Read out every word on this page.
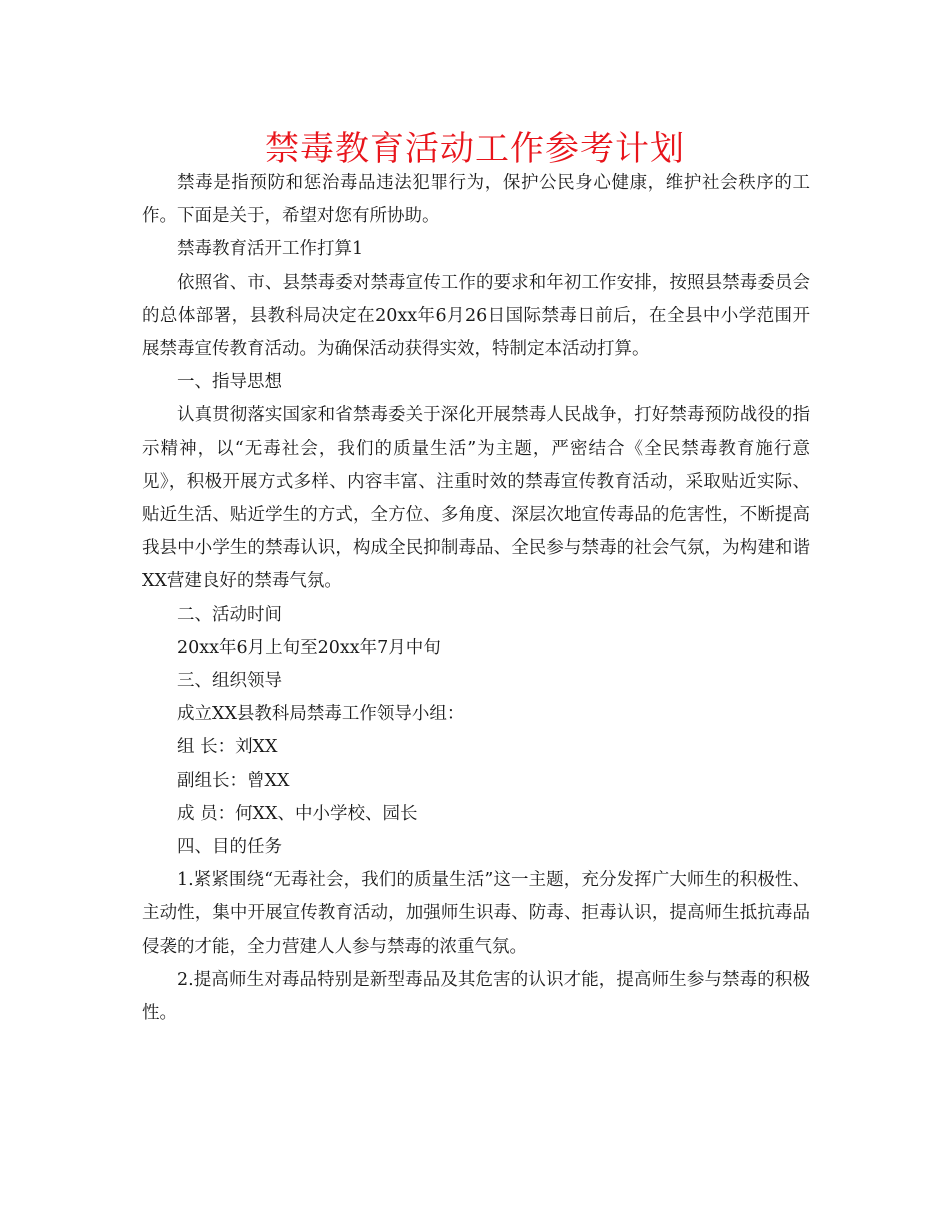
禁毒教育活动工作参考计划

禁毒是指预防和惩治毒品违法犯罪行为，保护公民身心健康，维护社会秩序的工作。下面是关于，希望对您有所协助。

禁毒教育活开工作打算1

依照省、市、县禁毒委对禁毒宣传工作的要求和年初工作安排，按照县禁毒委员会的总体部署，县教科局决定在20xx年6月26日国际禁毒日前后，在全县中小学范围开展禁毒宣传教育活动。为确保活动获得实效，特制定本活动打算。

一、指导思想

认真贯彻落实国家和省禁毒委关于深化开展禁毒人民战争，打好禁毒预防战役的指示精神，以“无毒社会，我们的质量生活”为主题，严密结合《全民禁毒教育施行意见》，积极开展方式多样、内容丰富、注重时效的禁毒宣传教育活动，采取贴近实际、贴近生活、贴近学生的方式，全方位、多角度、深层次地宣传毒品的危害性，不断提高我县中小学生的禁毒认识，构成全民抑制毒品、全民参与禁毒的社会气氛，为构建和谐XX营建良好的禁毒气氛。

二、活动时间

20xx年6月上旬至20xx年7月中旬

三、组织领导

成立XX县教科局禁毒工作领导小组：

组 长：刘XX

副组长：曾XX

成 员：何XX、中小学校、园长

四、目的任务

1.紧紧围绕“无毒社会，我们的质量生活”这一主题，充分发挥广大师生的积极性、主动性，集中开展宣传教育活动，加强师生识毒、防毒、拒毒认识，提高师生抵抗毒品侵袭的才能，全力营建人人参与禁毒的浓重气氛。

2.提高师生对毒品特别是新型毒品及其危害的认识才能，提高师生参与禁毒的积极性。
